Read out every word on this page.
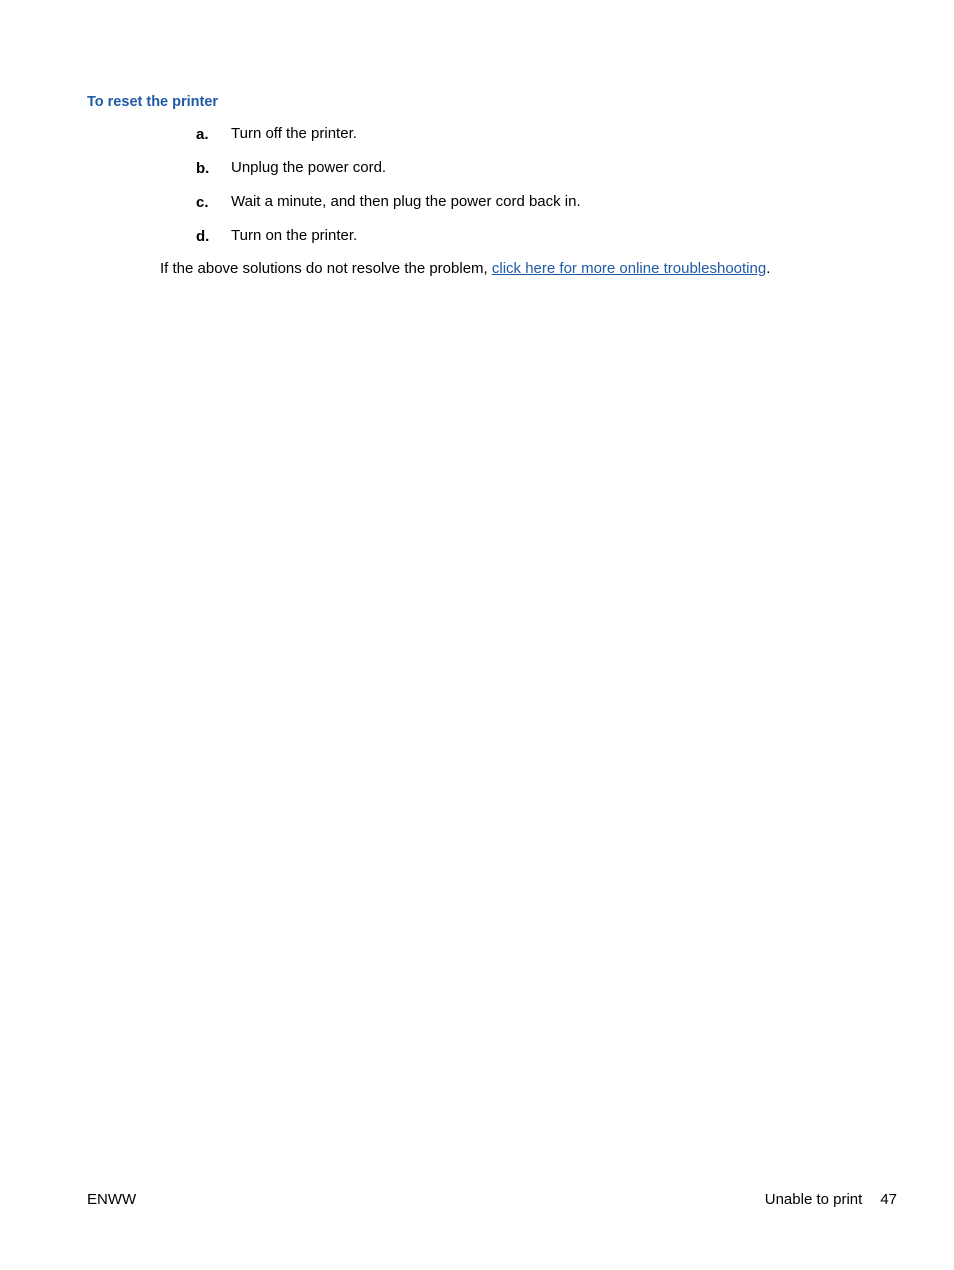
To reset the printer
a. Turn off the printer.
b. Unplug the power cord.
c. Wait a minute, and then plug the power cord back in.
d. Turn on the printer.

If the above solutions do not resolve the problem, click here for more online troubleshooting.

ENWW	Unable to print 47
